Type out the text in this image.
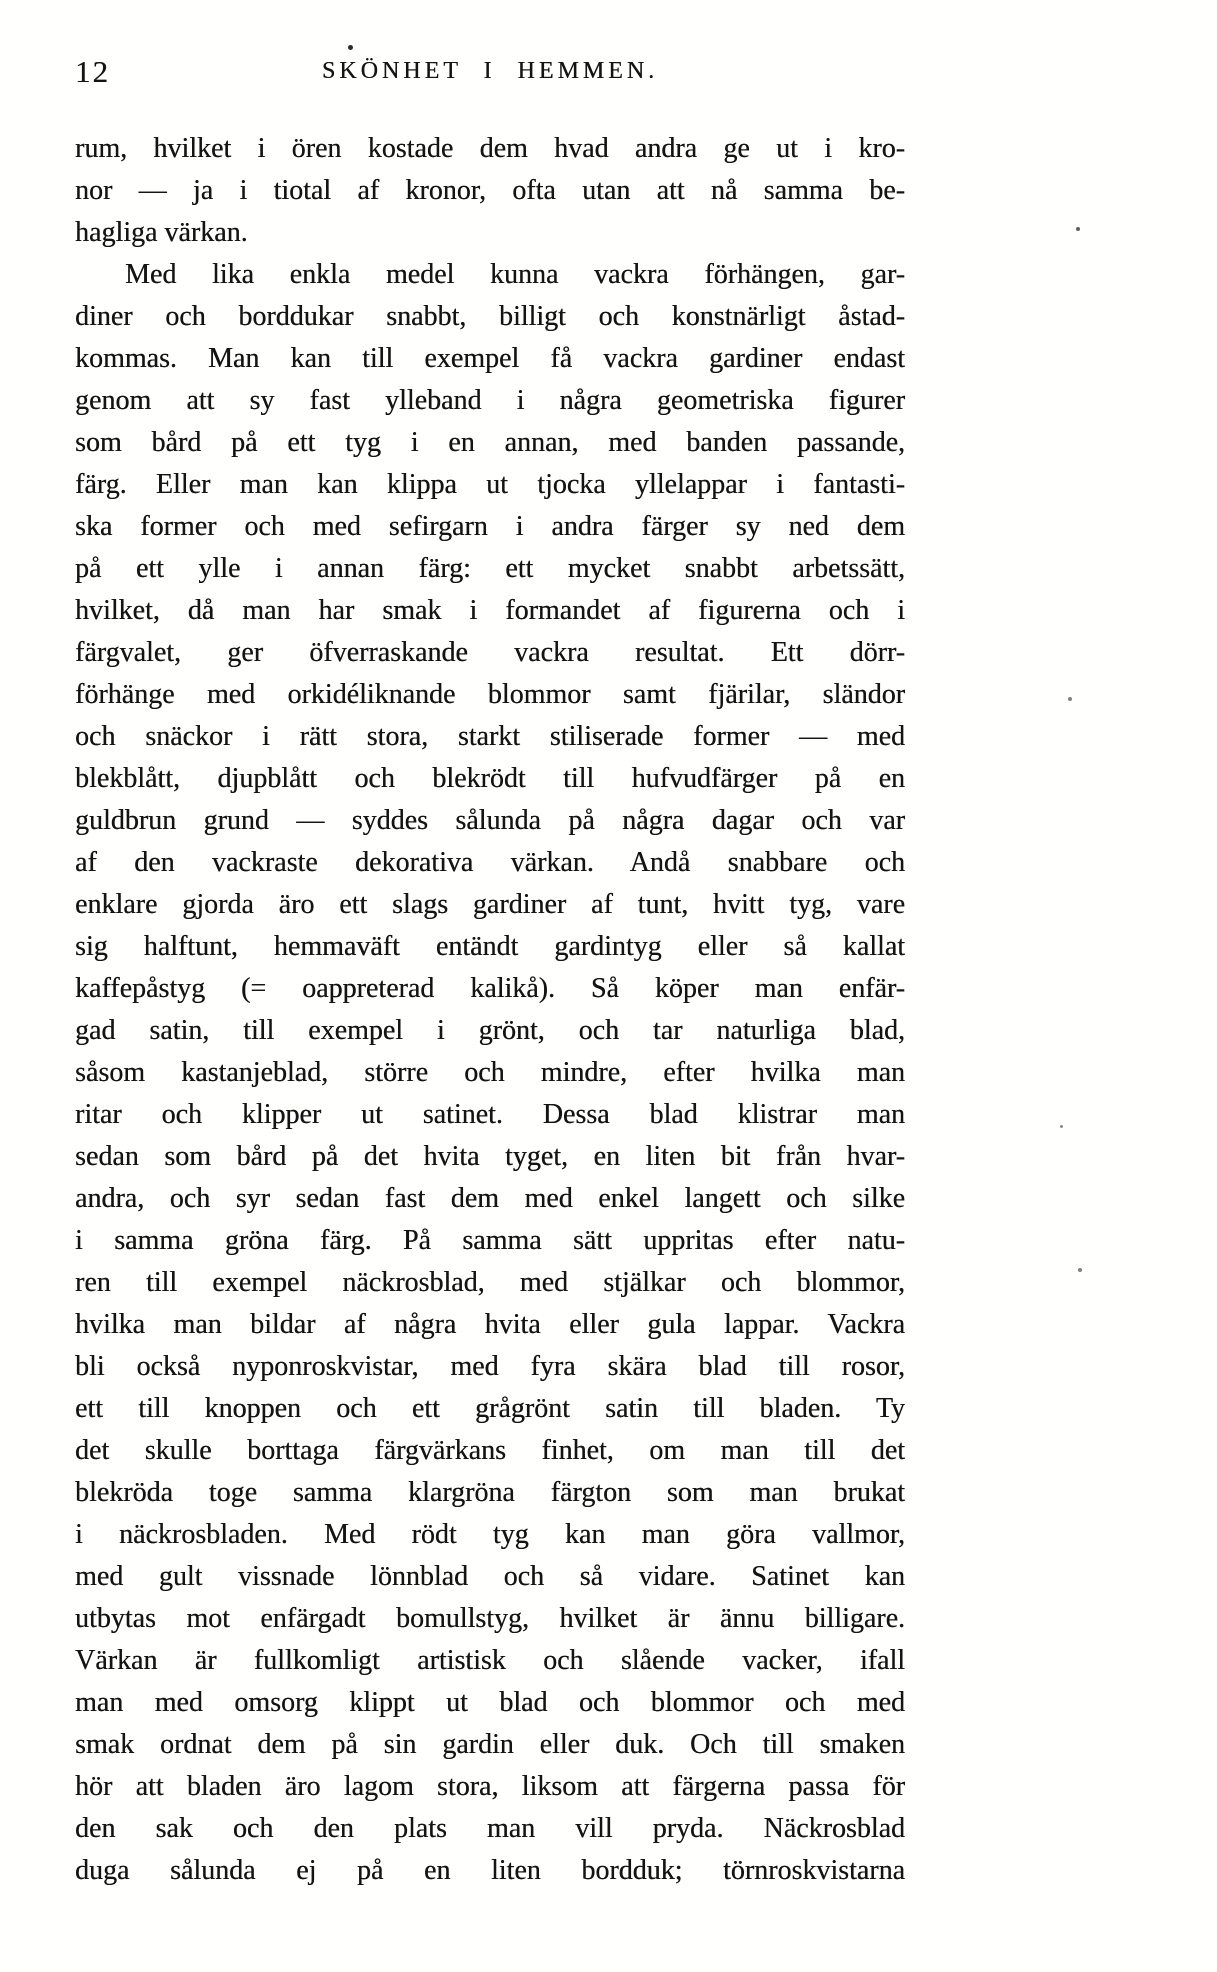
12	SKÖNHET I HEMMEN.

rum, hvilket i ören kostade dem hvad andra ge ut i kro-
nor — ja i tiotal af kronor, ofta utan att nå samma be-
hagliga värkan.

Med lika enkla medel kunna vackra förhängen, gar-
diner och borddukar snabbt, billigt och konstnärligt åstad-
kommas. Man kan till exempel få vackra gardiner endast
genom att sy fast ylleband i några geometriska figurer
som bård på ett tyg i en annan, med banden passande,
färg. Eller man kan klippa ut tjocka yllelappar i fantasti-
ska former och med sefirgarn i andra färger sy ned dem
på ett ylle i annan färg: ett mycket snabbt arbetssätt,
hvilket, då man har smak i formandet af figurerna och i
färgvalet, ger öfverraskande vackra resultat. Ett dörr-
förhänge med orkidéliknande blommor samt fjärilar, sländor
och snäckor i rätt stora, starkt stiliserade former — med
blekblått, djupblått och blekrödt till hufvudfärger på en
guldbrun grund — syddes sålunda på några dagar och var
af den vackraste dekorativa värkan. Andå snabbare och
enklare gjorda äro ett slags gardiner af tunt, hvitt tyg, vare
sig halftunt, hemmaväft entändt gardintyg eller så kallat
kaffepåstyg (= oappreterad kalikå). Så köper man enfär-
gad satin, till exempel i grönt, och tar naturliga blad,
såsom kastanjeblad, större och mindre, efter hvilka man
ritar och klipper ut satinet. Dessa blad klistrar man
sedan som bård på det hvita tyget, en liten bit från hvar-
andra, och syr sedan fast dem med enkel langett och silke
i samma gröna färg. På samma sätt uppritas efter natu-
ren till exempel näckrosblad, med stjälkar och blommor,
hvilka man bildar af några hvita eller gula lappar. Vackra
bli också nyponroskvistar, med fyra skära blad till rosor,
ett till knoppen och ett grågrönt satin till bladen. Ty
det skulle borttaga färgvärkans finhet, om man till det
blekröda toge samma klargröna färgton som man brukat
i näckrosbladen. Med rödt tyg kan man göra vallmor,
med gult vissnade lönnblad och så vidare. Satinet kan
utbytas mot enfärgadt bomullstyg, hvilket är ännu billigare.
Värkan är fullkomligt artistisk och slående vacker, ifall
man med omsorg klippt ut blad och blommor och med
smak ordnat dem på sin gardin eller duk. Och till smaken
hör att bladen äro lagom stora, liksom att färgerna passa för
den sak och den plats man vill pryda. Näckrosblad
duga sålunda ej på en liten bordduk; törnroskvistarna
